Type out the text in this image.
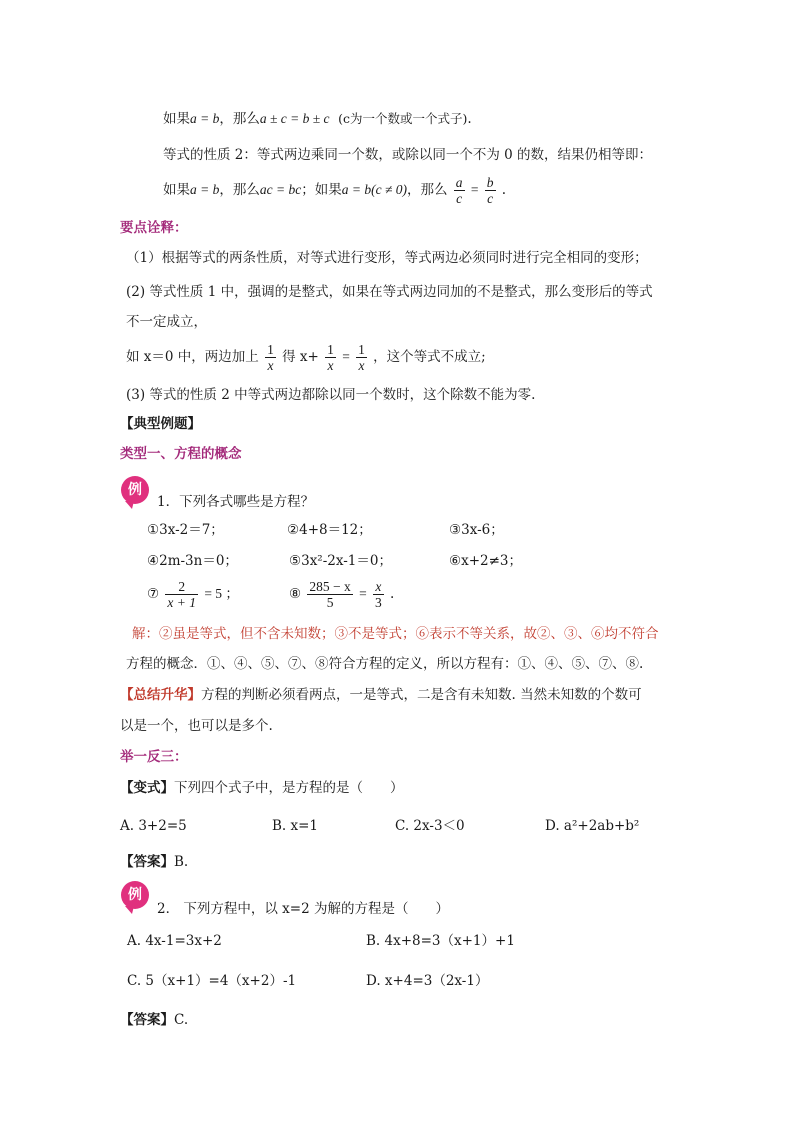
如果a = b，那么a ± c = b ± c (c为一个数或一个式子).
等式的性质 2：等式两边乘同一个数，或除以同一个不为 0 的数，结果仍相等即：
如果a = b，那么ac = bc；如果a = b(c ≠ 0)，那么 $\frac{a}{c} = \frac{b}{c}$ .
要点诠释：
（1）根据等式的两条性质，对等式进行变形，等式两边必须同时进行完全相同的变形；
(2) 等式性质 1 中，强调的是整式，如果在等式两边同加的不是整式，那么变形后的等式
不一定成立，
如 x＝0 中，两边加上 $\frac{1}{x}$ 得 $x+ \frac{1}{x} = \frac{1}{x}$ ，这个等式不成立;
(3) 等式的性质 2 中等式两边都除以同一个数时，这个除数不能为零.
【典型例题】
类型一、方程的概念
例
1．下列各式哪些是方程？
①3x-2＝7；	②4+8＝12；	③3x-6；
④2m-3n＝0；	⑤3x²-2x-1＝0；	⑥x+2≠3；
⑦ $\frac{2}{x + 1} = 5$ ；	⑧ $\frac{285 - x}{5} = \frac{x}{3}$ .
解：②虽是等式，但不含未知数；③不是等式；⑥表示不等关系，故②、③、⑥均不符合
方程的概念．①、④、⑤、⑦、⑧符合方程的定义，所以方程有：①、④、⑤、⑦、⑧.
【总结升华】方程的判断必须看两点，一是等式，二是含有未知数. 当然未知数的个数可
以是一个，也可以是多个.
举一反三：
【变式】下列四个式子中，是方程的是（　　）
A. 3+2=5	B. x=1	C. 2x-3＜0	D. a²+2ab+b²
【答案】B.
例
2． 下列方程中，以 x=2 为解的方程是（　　）
A. 4x-1=3x+2	B. 4x+8=3（x+1）+1
C. 5（x+1）=4（x+2）-1	D. x+4=3（2x-1）
【答案】C.
